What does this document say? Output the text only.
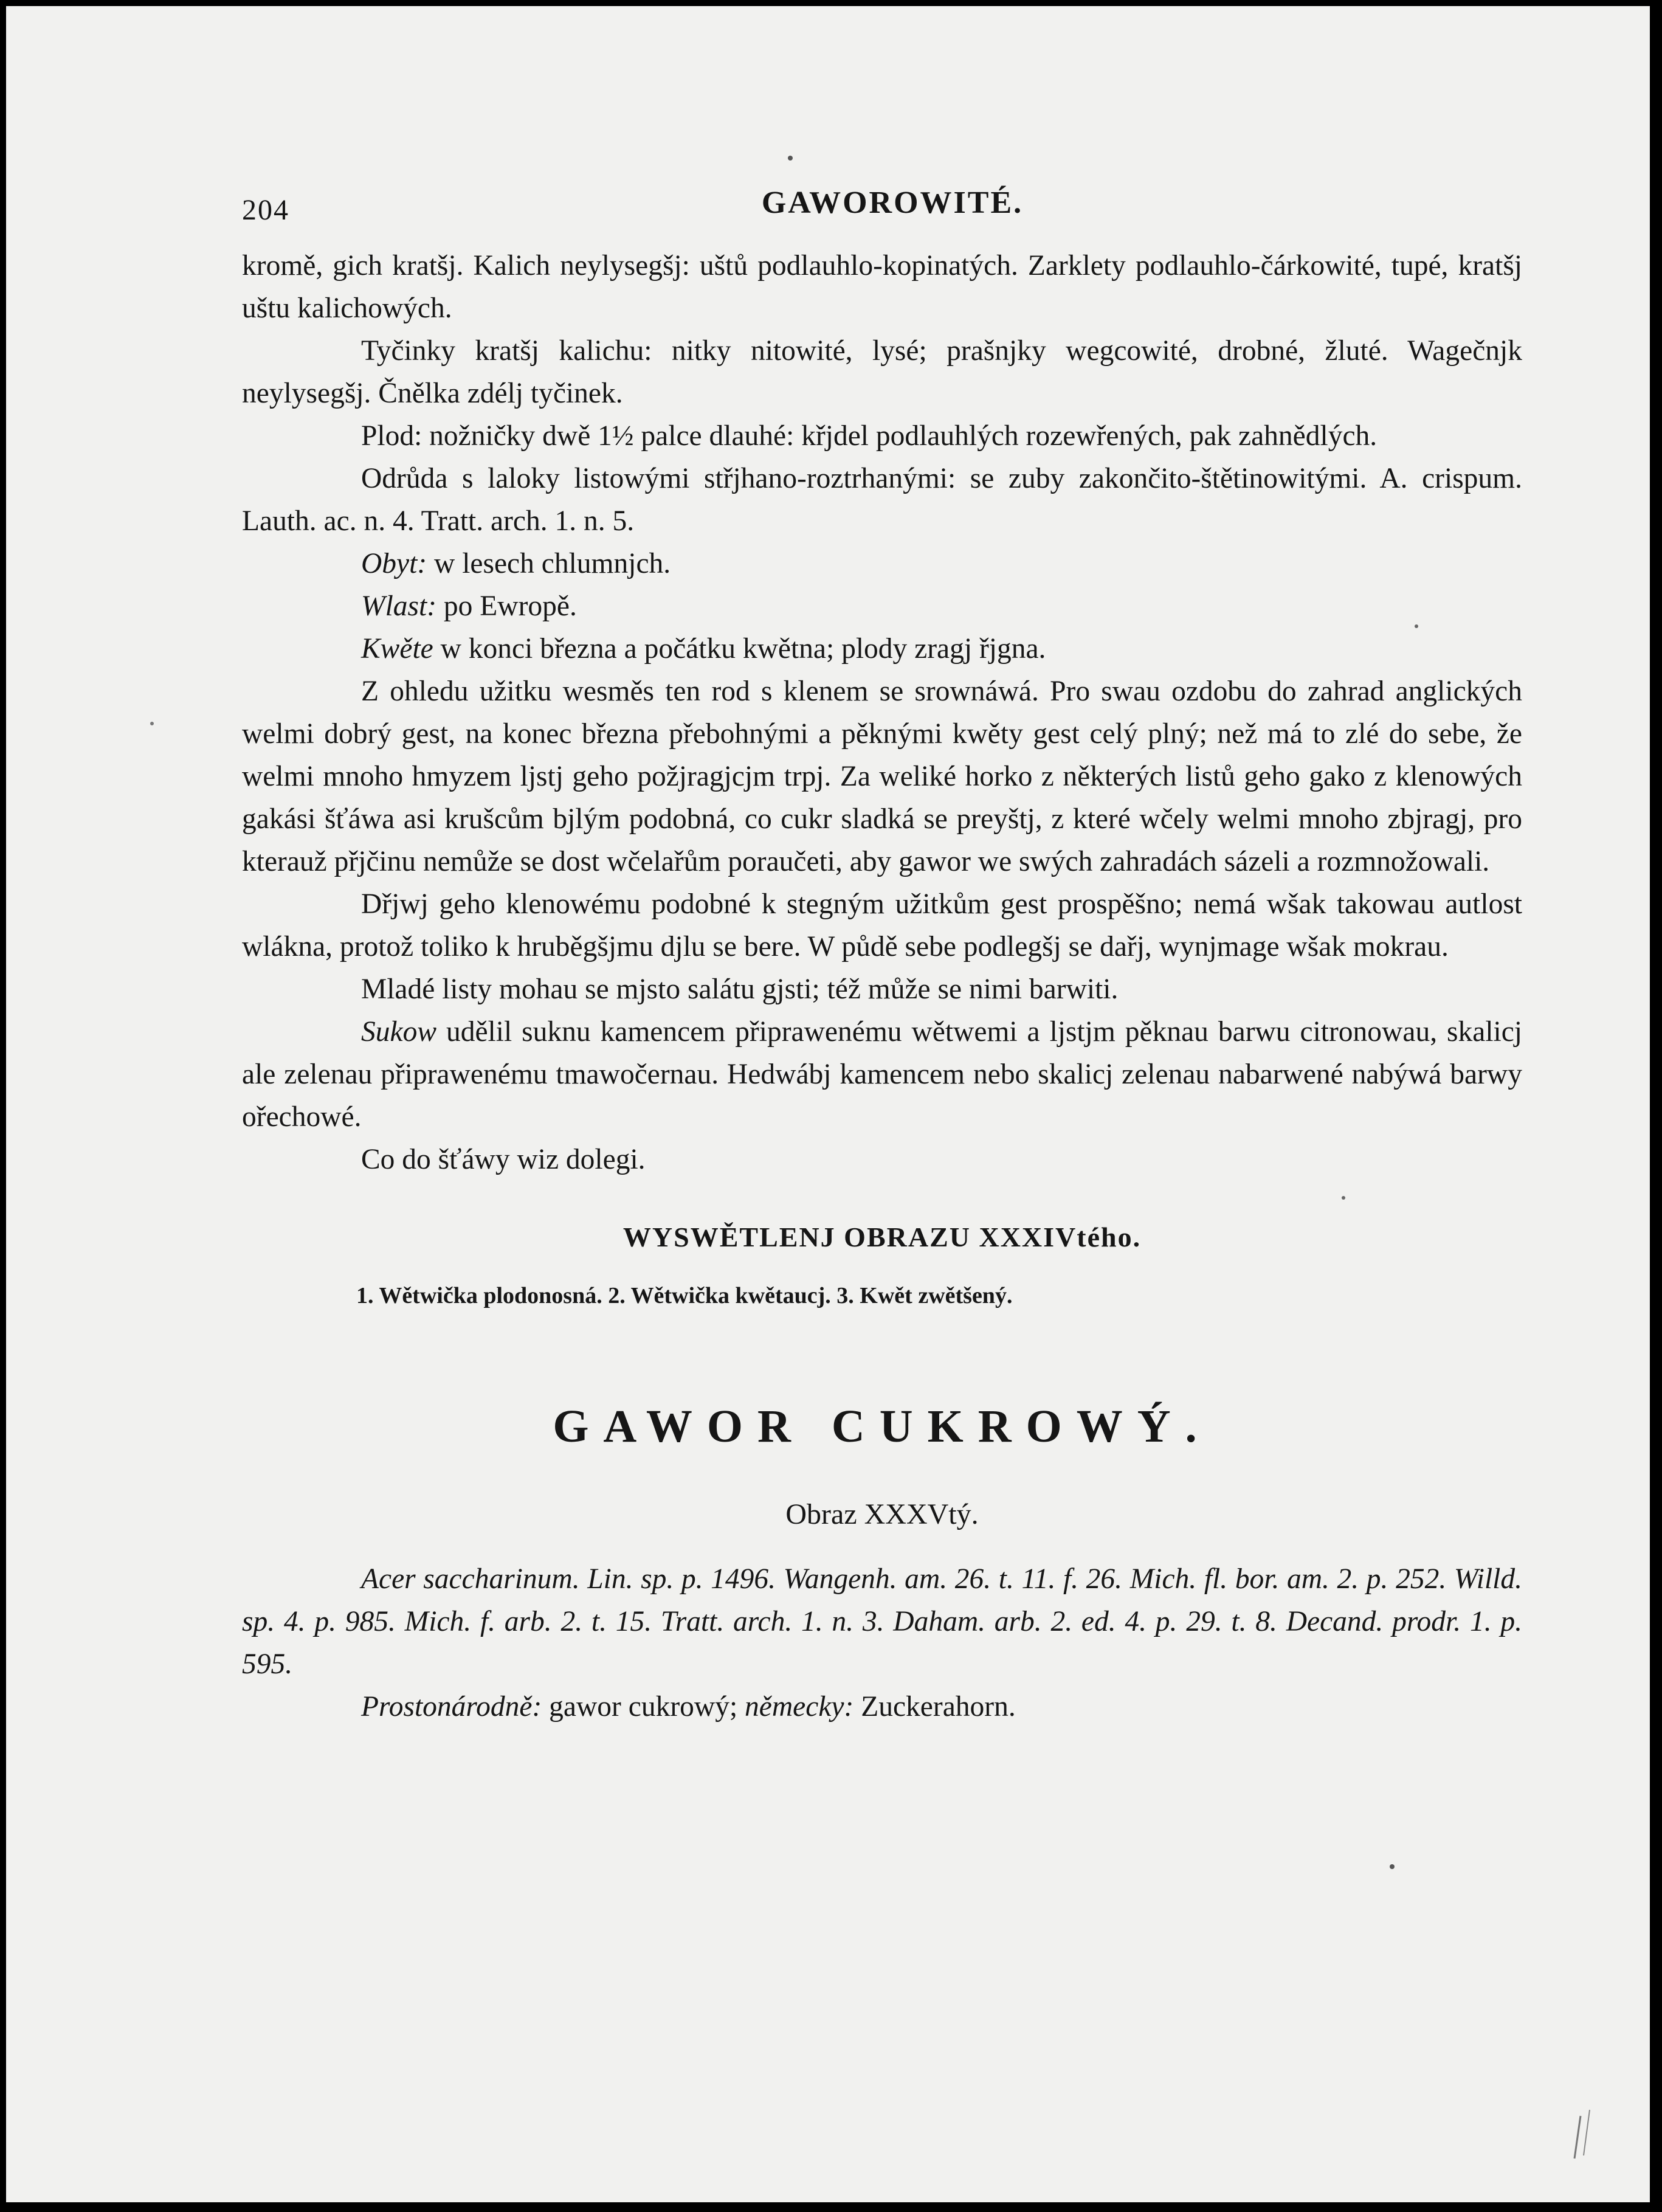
204	GAWOROWITÉ.

kromě, gich kratšj. Kalich neylysegšj: uštů podlauhlo-kopinatých. Zarklety podlauhlo-čárkowité, tupé, kratšj uštu kalichowých.

Tyčinky kratšj kalichu: nitky nitowité, lysé; prašnjky wegcowité, drobné, žluté. Wagečnjk neylysegšj. Čnělka zdélj tyčinek.

Plod: nožničky dwě 1½ palce dlauhé: křjdel podlauhlých rozewřených, pak zahnědlých.

Odrůda s laloky listowými střjhano-roztrhanými: se zuby zakončito-štětinowitými. A. crispum. Lauth. ac. n. 4. Tratt. arch. 1. n. 5.

Obyt: w lesech chlumnjch.

Wlast: po Ewropě.

Kwěte w konci března a počátku kwětna; plody zragj řjgna.

Z ohledu užitku wesměs ten rod s klenem se srownáwá. Pro swau ozdobu do zahrad anglických welmi dobrý gest, na konec března přebohnými a pěknými kwěty gest celý plný; než má to zlé do sebe, že welmi mnoho hmyzem ljstj geho požjragjcjm trpj. Za weliké horko z některých listů geho gako z klenowých gakási šťáwa asi krušcům bjlým podobná, co cukr sladká se preyštj, z které wčely welmi mnoho zbjragj, pro kterauž přjčinu nemůže se dost wčelařům poraučeti, aby gawor we swých zahradách sázeli a rozmnožowali.

Dřjwj geho klenowému podobné k stegným užitkům gest prospěšno; nemá wšak takowau autlost wlákna, protož toliko k hruběgšjmu djlu se bere. W půdě sebe podlegšj se dařj, wynjmage wšak mokrau.

Mladé listy mohau se mjsto salátu gjsti; též může se nimi barwiti.

Sukow udělil suknu kamencem připrawenému wětwemi a ljstjm pěknau barwu citronowau, skalicj ale zelenau připrawenému tmawočernau. Hedwábj kamencem nebo skalicj zelenau nabarwené nabýwá barwy ořechowé.

Co do šťáwy wiz dolegi.

WYSWĚTLENJ OBRAZU XXXIVtého.

1. Wětwička plodonosná. 2. Wětwička kwětaucj. 3. Kwět zwětšený.

GAWOR CUKROWÝ.

Obraz XXXVtý.

Acer saccharinum. Lin. sp. p. 1496. Wangenh. am. 26. t. 11. f. 26. Mich. fl. bor. am. 2. p. 252. Willd. sp. 4. p. 985. Mich. f. arb. 2. t. 15. Tratt. arch. 1. n. 3. Daham. arb. 2. ed. 4. p. 29. t. 8. Decand. prodr. 1. p. 595.

Prostonárodně: gawor cukrowý; německy: Zuckerahorn.
